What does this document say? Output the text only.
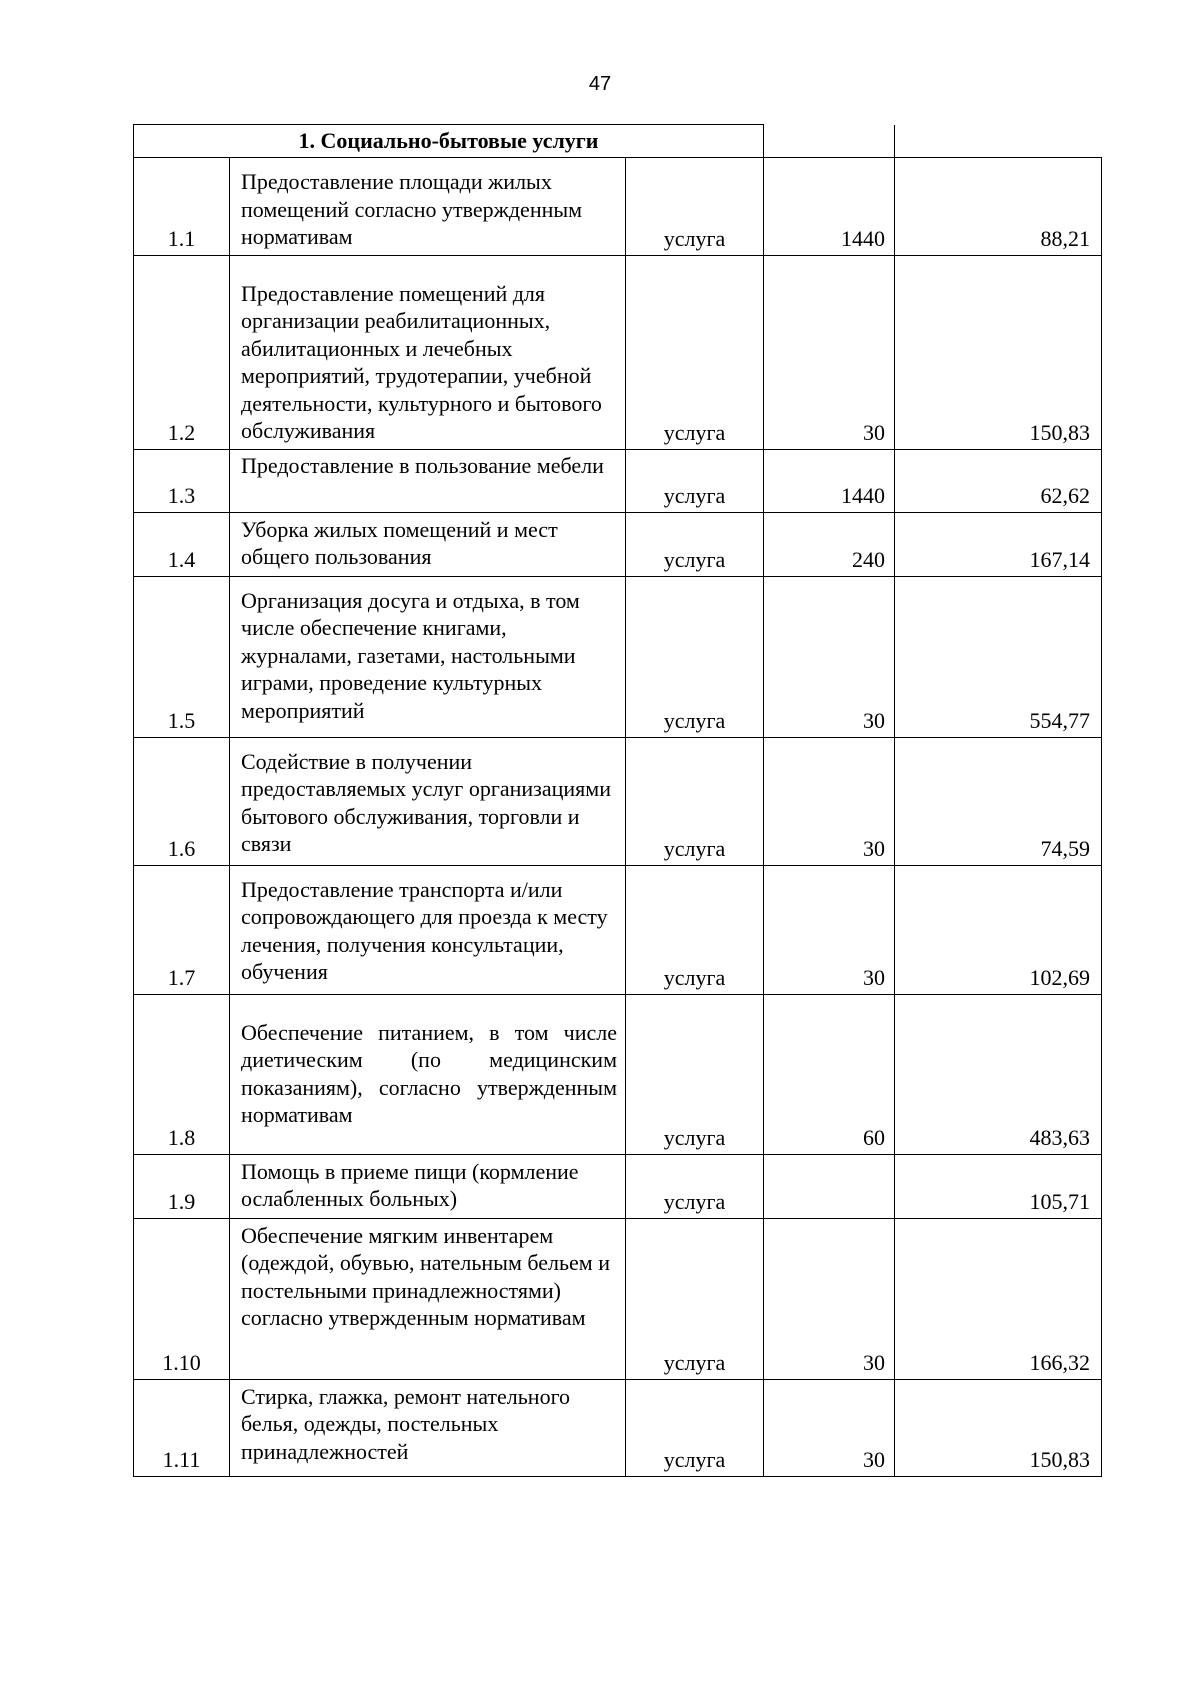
47
1. Социально-бытовые услуги				
1.1	Предоставление площади жилых помещений согласно утвержденным нормативам	услуга	1440	88,21
1.2	Предоставление помещений для организации реабилитационных, абилитационных и лечебных мероприятий, трудотерапии, учебной деятельности, культурного и бытового обслуживания	услуга	30	150,83
1.3	Предоставление в пользование мебели	услуга	1440	62,62
1.4	Уборка жилых помещений и мест общего пользования	услуга	240	167,14
1.5	Организация досуга и отдыха, в том числе обеспечение книгами, журналами, газетами, настольными играми, проведение культурных мероприятий	услуга	30	554,77
1.6	Содействие в получении предоставляемых услуг организациями бытового обслуживания, торговли и связи	услуга	30	74,59
1.7	Предоставление транспорта и/или сопровождающего для проезда к месту лечения, получения консультации, обучения	услуга	30	102,69
1.8	Обеспечение питанием, в том числе диетическим (по медицинским показаниям), согласно утвержденным нормативам	услуга	60	483,63
1.9	Помощь в приеме пищи (кормление ослабленных больных)	услуга		105,71
1.10	Обеспечение мягким инвентарем (одеждой, обувью, нательным бельем и постельными принадлежностями) согласно утвержденным нормативам	услуга	30	166,32
1.11	Стирка, глажка, ремонт нательного белья, одежды, постельных принадлежностей	услуга	30	150,83
